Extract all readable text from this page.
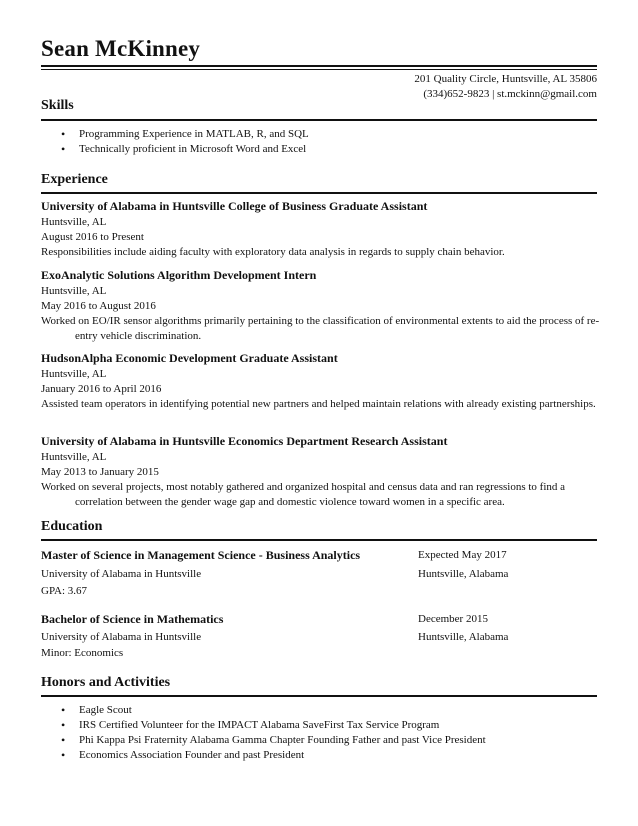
Sean McKinney
201 Quality Circle, Huntsville, AL 35806
(334)652-9823 | st.mckinn@gmail.com
Skills
• Programming Experience in MATLAB, R, and SQL
• Technically proficient in Microsoft Word and Excel
Experience
University of Alabama in Huntsville College of Business Graduate Assistant
Huntsville, AL
August 2016 to Present
Responsibilities include aiding faculty with exploratory data analysis in regards to supply chain behavior.
ExoAnalytic Solutions Algorithm Development Intern
Huntsville, AL
May 2016 to August 2016
Worked on EO/IR sensor algorithms primarily pertaining to the classification of environmental extents to aid the process of re-entry vehicle discrimination.
HudsonAlpha Economic Development Graduate Assistant
Huntsville, AL
January 2016 to April 2016
Assisted team operators in identifying potential new partners and helped maintain relations with already existing partnerships.
University of Alabama in Huntsville Economics Department Research Assistant
Huntsville, AL
May 2013 to January 2015
Worked on several projects, most notably gathered and organized hospital and census data and ran regressions to find a correlation between the gender wage gap and domestic violence toward women in a specific area.
Education
Master of Science in Management Science - Business Analytics	Expected May 2017
University of Alabama in Huntsville	Huntsville, Alabama
GPA: 3.67
Bachelor of Science in Mathematics	December 2015
University of Alabama in Huntsville	Huntsville, Alabama
Minor: Economics
Honors and Activities
• Eagle Scout
• IRS Certified Volunteer for the IMPACT Alabama SaveFirst Tax Service Program
• Phi Kappa Psi Fraternity Alabama Gamma Chapter Founding Father and past Vice President
• Economics Association Founder and past President
